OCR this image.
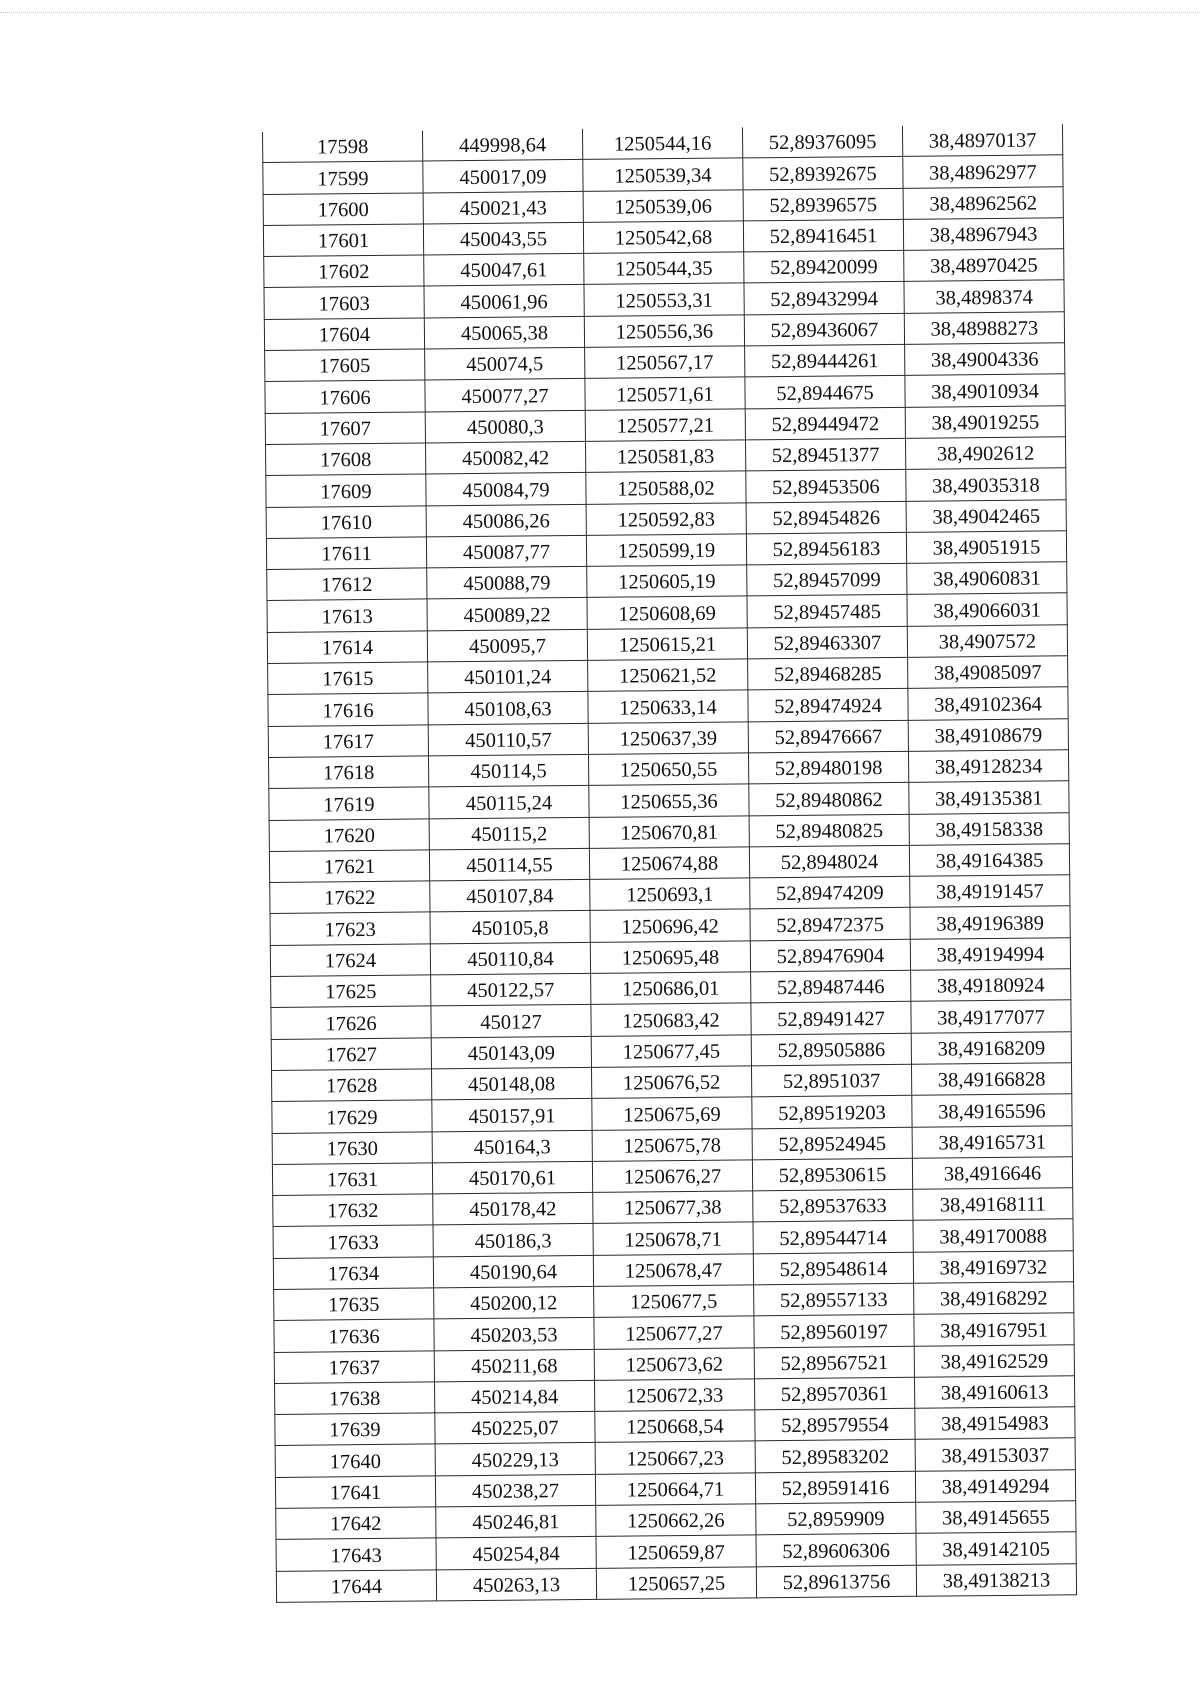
17598	449998,64	1250544,16	52,89376095	38,48970137
17599	450017,09	1250539,34	52,89392675	38,48962977
17600	450021,43	1250539,06	52,89396575	38,48962562
17601	450043,55	1250542,68	52,89416451	38,48967943
17602	450047,61	1250544,35	52,89420099	38,48970425
17603	450061,96	1250553,31	52,89432994	38,4898374
17604	450065,38	1250556,36	52,89436067	38,48988273
17605	450074,5	1250567,17	52,89444261	38,49004336
17606	450077,27	1250571,61	52,8944675	38,49010934
17607	450080,3	1250577,21	52,89449472	38,49019255
17608	450082,42	1250581,83	52,89451377	38,4902612
17609	450084,79	1250588,02	52,89453506	38,49035318
17610	450086,26	1250592,83	52,89454826	38,49042465
17611	450087,77	1250599,19	52,89456183	38,49051915
17612	450088,79	1250605,19	52,89457099	38,49060831
17613	450089,22	1250608,69	52,89457485	38,49066031
17614	450095,7	1250615,21	52,89463307	38,4907572
17615	450101,24	1250621,52	52,89468285	38,49085097
17616	450108,63	1250633,14	52,89474924	38,49102364
17617	450110,57	1250637,39	52,89476667	38,49108679
17618	450114,5	1250650,55	52,89480198	38,49128234
17619	450115,24	1250655,36	52,89480862	38,49135381
17620	450115,2	1250670,81	52,89480825	38,49158338
17621	450114,55	1250674,88	52,8948024	38,49164385
17622	450107,84	1250693,1	52,89474209	38,49191457
17623	450105,8	1250696,42	52,89472375	38,49196389
17624	450110,84	1250695,48	52,89476904	38,49194994
17625	450122,57	1250686,01	52,89487446	38,49180924
17626	450127	1250683,42	52,89491427	38,49177077
17627	450143,09	1250677,45	52,89505886	38,49168209
17628	450148,08	1250676,52	52,8951037	38,49166828
17629	450157,91	1250675,69	52,89519203	38,49165596
17630	450164,3	1250675,78	52,89524945	38,49165731
17631	450170,61	1250676,27	52,89530615	38,4916646
17632	450178,42	1250677,38	52,89537633	38,49168111
17633	450186,3	1250678,71	52,89544714	38,49170088
17634	450190,64	1250678,47	52,89548614	38,49169732
17635	450200,12	1250677,5	52,89557133	38,49168292
17636	450203,53	1250677,27	52,89560197	38,49167951
17637	450211,68	1250673,62	52,89567521	38,49162529
17638	450214,84	1250672,33	52,89570361	38,49160613
17639	450225,07	1250668,54	52,89579554	38,49154983
17640	450229,13	1250667,23	52,89583202	38,49153037
17641	450238,27	1250664,71	52,89591416	38,49149294
17642	450246,81	1250662,26	52,8959909	38,49145655
17643	450254,84	1250659,87	52,89606306	38,49142105
17644	450263,13	1250657,25	52,89613756	38,49138213
